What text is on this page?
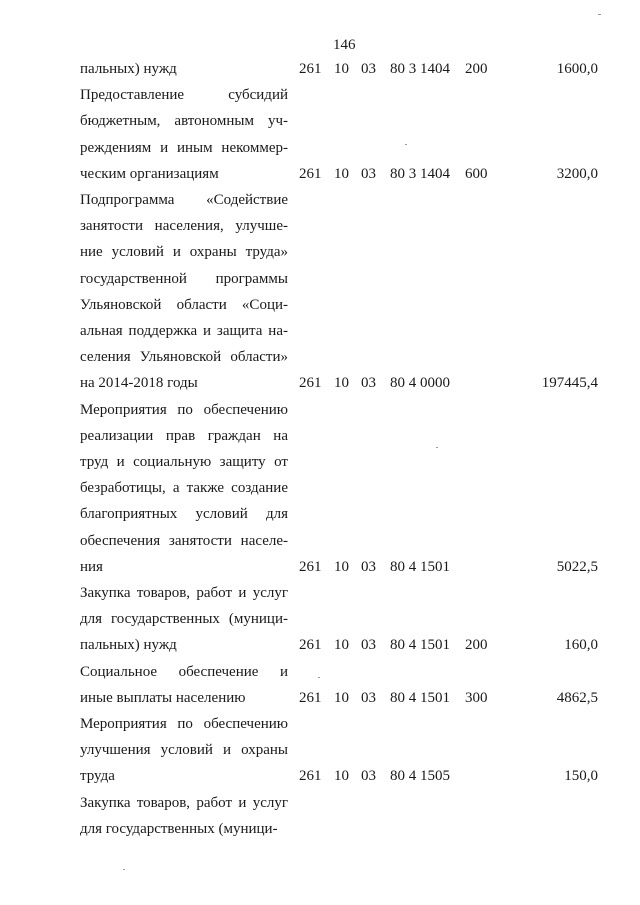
146
пальных) нужд	261 10 03 80 3 1404 200	1600,0
Предоставление субсидий
бюджетным, автономным уч-
реждениям и иным некоммер-
ческим организациям	261 10 03 80 3 1404 600	3200,0
Подпрограмма «Содействие
занятости населения, улучше-
ние условий и охраны труда»
государственной программы
Ульяновской области «Соци-
альная поддержка и защита на-
селения Ульяновской области»
на 2014-2018 годы	261 10 03 80 4 0000	197445,4
Мероприятия по обеспечению
реализации прав граждан на
труд и социальную защиту от
безработицы, а также создание
благоприятных условий для
обеспечения занятости населе-
ния	261 10 03 80 4 1501	5022,5
Закупка товаров, работ и услуг
для государственных (муници-
пальных) нужд	261 10 03 80 4 1501 200	160,0
Социальное обеспечение и
иные выплаты населению	261 10 03 80 4 1501 300	4862,5
Мероприятия по обеспечению
улучшения условий и охраны
труда	261 10 03 80 4 1505	150,0
Закупка товаров, работ и услуг
для государственных (муници-
